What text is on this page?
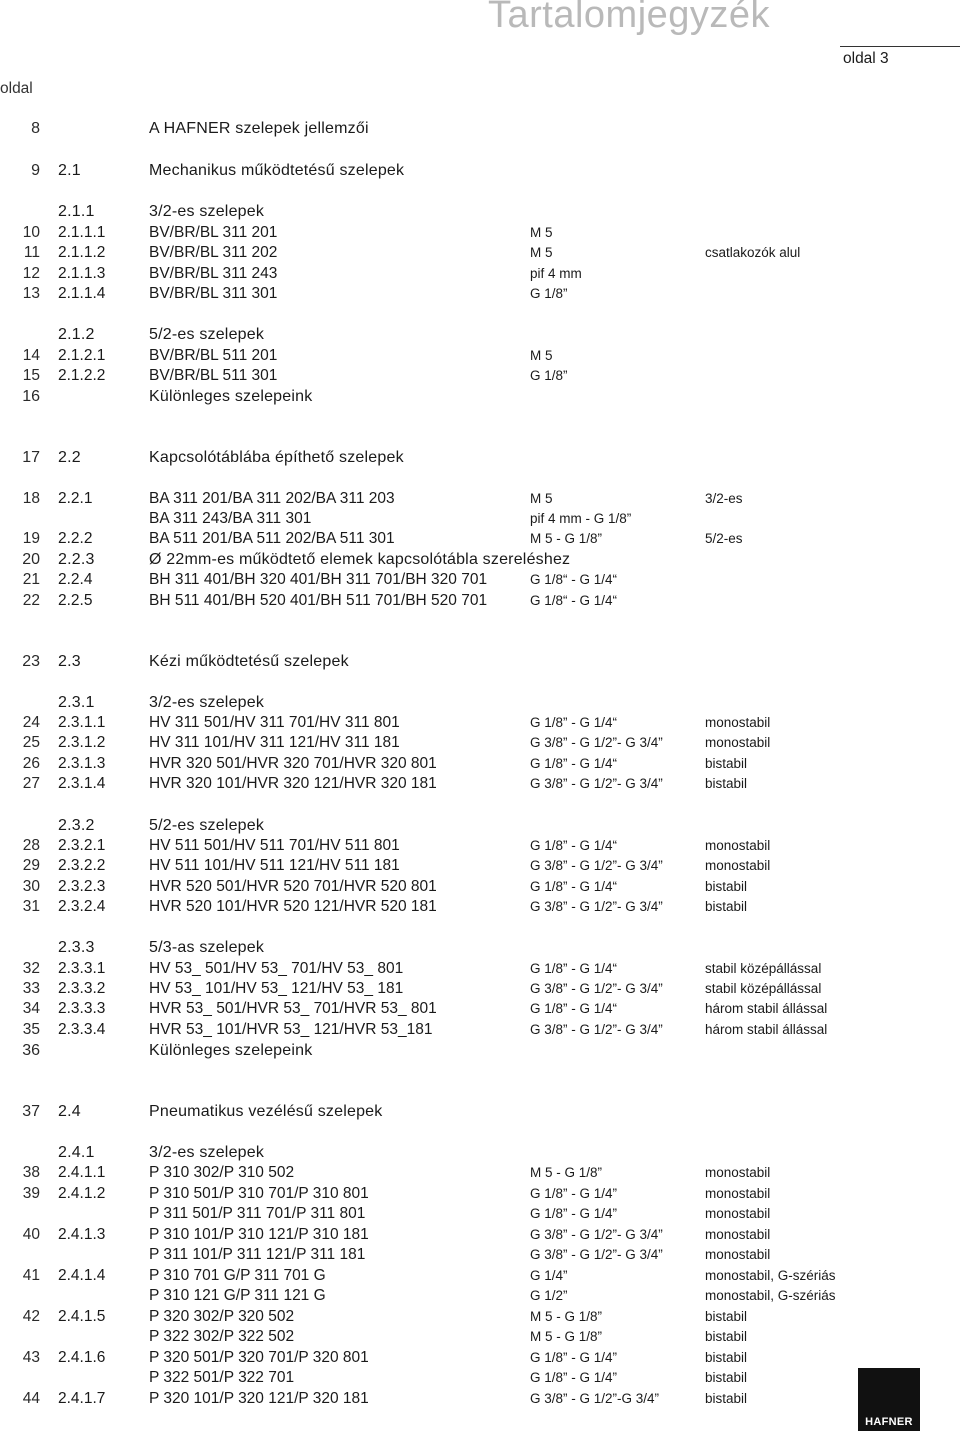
Tartalomjegyzék
oldal 3
oldal
8	A HAFNER szelepek jellemzői
9 2.1	Mechanikus működtetésű szelepek
2.1.1	3/2-es szelepek
10 2.1.1.1	BV/BR/BL 311 201	M 5
11 2.1.1.2	BV/BR/BL 311 202	M 5	csatlakozók alul
12 2.1.1.3	BV/BR/BL 311 243	pif 4 mm
13 2.1.1.4	BV/BR/BL 311 301	G 1/8”
2.1.2	5/2-es szelepek
14 2.1.2.1	BV/BR/BL 511 201	M 5
15 2.1.2.2	BV/BR/BL 511 301	G 1/8”
16	Különleges szelepeink
17 2.2	Kapcsolótáblába építhető szelepek
18 2.2.1	BA 311 201/BA 311 202/BA 311 203	M 5	3/2-es
BA 311 243/BA 311 301	pif 4 mm - G 1/8”
19 2.2.2	BA 511 201/BA 511 202/BA 511 301	M 5 - G 1/8”	5/2-es
20 2.2.3	Ø 22mm-es működtető elemek kapcsolótábla szereléshez
21 2.2.4	BH 311 401/BH 320 401/BH 311 701/BH 320 701	G 1/8“ - G 1/4“
22 2.2.5	BH 511 401/BH 520 401/BH 511 701/BH 520 701	G 1/8“ - G 1/4“
23 2.3	Kézi működtetésű szelepek
2.3.1	3/2-es szelepek
24 2.3.1.1	HV 311 501/HV 311 701/HV 311 801	G 1/8” - G 1/4“	monostabil
25 2.3.1.2	HV 311 101/HV 311 121/HV 311 181	G 3/8” - G 1/2”- G 3/4”	monostabil
26 2.3.1.3	HVR 320 501/HVR 320 701/HVR 320 801	G 1/8” - G 1/4“	bistabil
27 2.3.1.4	HVR 320 101/HVR 320 121/HVR 320 181	G 3/8” - G 1/2”- G 3/4”	bistabil
2.3.2	5/2-es szelepek
28 2.3.2.1	HV 511 501/HV 511 701/HV 511 801	G 1/8” - G 1/4“	monostabil
29 2.3.2.2	HV 511 101/HV 511 121/HV 511 181	G 3/8” - G 1/2”- G 3/4”	monostabil
30 2.3.2.3	HVR 520 501/HVR 520 701/HVR 520 801	G 1/8” - G 1/4“	bistabil
31 2.3.2.4	HVR 520 101/HVR 520 121/HVR 520 181	G 3/8” - G 1/2”- G 3/4”	bistabil
2.3.3	5/3-as szelepek
32 2.3.3.1	HV 53_ 501/HV 53_ 701/HV 53_ 801	G 1/8” - G 1/4“	stabil középállással
33 2.3.3.2	HV 53_ 101/HV 53_ 121/HV 53_ 181	G 3/8” - G 1/2”- G 3/4”	stabil középállással
34 2.3.3.3	HVR 53_ 501/HVR 53_ 701/HVR 53_ 801	G 1/8” - G 1/4“	három stabil állással
35 2.3.3.4	HVR 53_ 101/HVR 53_ 121/HVR 53_181	G 3/8” - G 1/2”- G 3/4”	három stabil állással
36	Különleges szelepeink
37 2.4	Pneumatikus vezélésű szelepek
2.4.1	3/2-es szelepek
38 2.4.1.1	P 310 302/P 310 502	M 5 - G 1/8”	monostabil
39 2.4.1.2	P 310 501/P 310 701/P 310 801	G 1/8” - G 1/4”	monostabil
P 311 501/P 311 701/P 311 801	G 1/8” - G 1/4”	monostabil
40 2.4.1.3	P 310 101/P 310 121/P 310 181	G 3/8” - G 1/2”- G 3/4”	monostabil
P 311 101/P 311 121/P 311 181	G 3/8” - G 1/2”- G 3/4”	monostabil
41 2.4.1.4	P 310 701 G/P 311 701 G	G 1/4”	monostabil, G-szériás
P 310 121 G/P 311 121 G	G 1/2”	monostabil, G-szériás
42 2.4.1.5	P 320 302/P 320 502	M 5 - G 1/8”	bistabil
P 322 302/P 322 502	M 5 - G 1/8”	bistabil
43 2.4.1.6	P 320 501/P 320 701/P 320 801	G 1/8” - G 1/4”	bistabil
P 322 501/P 322 701	G 1/8” - G 1/4”	bistabil
44 2.4.1.7	P 320 101/P 320 121/P 320 181	G 3/8” - G 1/2”-G 3/4”	bistabil
HAFNER
